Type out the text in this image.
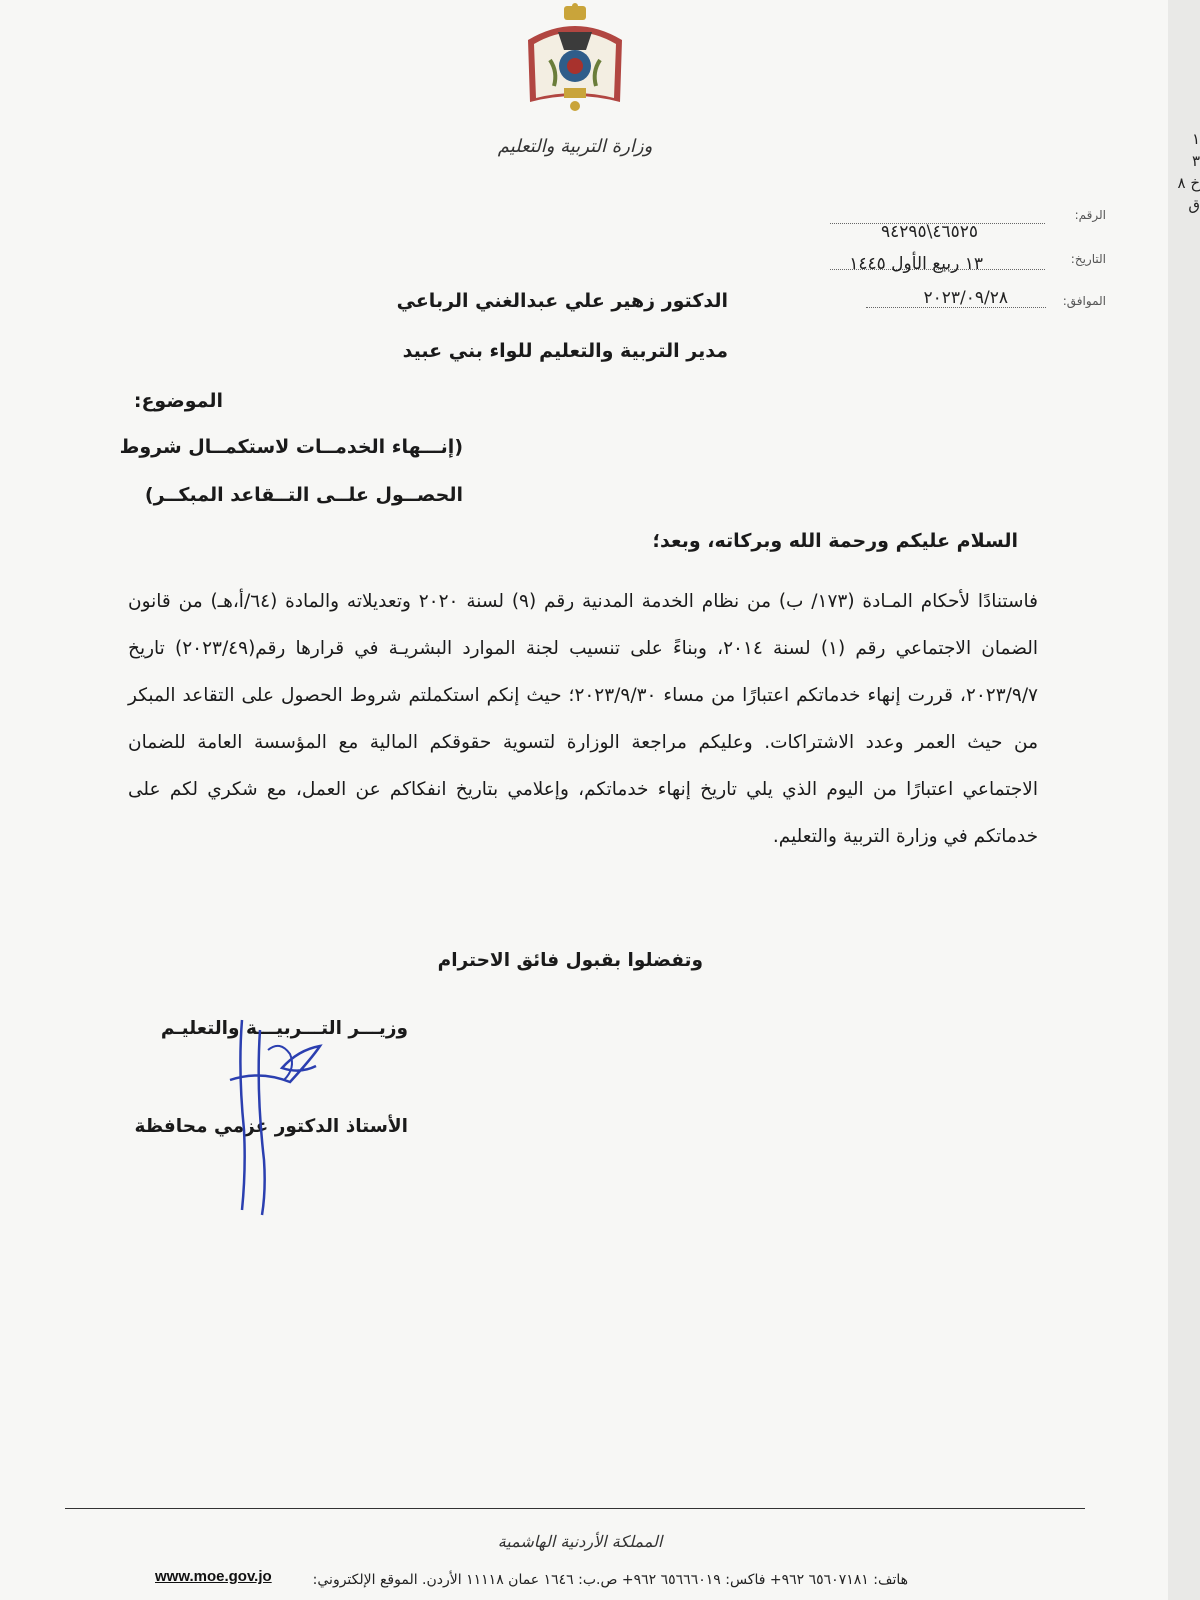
وزارة التربية والتعليم
الرقم:
٤٦٥٢٥\٩٤٢٩٥
التاريخ:
١٣ ربيع الأول ١٤٤٥
الموافق:
٢٠٢٣/٠٩/٢٨
الدكتور زهير علي عبدالغني الرباعي
مدير التربية والتعليم للواء بني عبيد
الموضوع:
(إنـــهاء الخدمــات لاستكمــال شروط
الحصــول علــى التــقاعد المبكــر)
السلام عليكم ورحمة الله وبركاته، وبعد؛
فاستنادًا لأحكام المـادة (١٧٣/ ب) من نظام الخدمة المدنية رقم (٩) لسنة ٢٠٢٠ وتعديلاته والمادة (٦٤/أ،هـ) من قانون الضمان الاجتماعي رقم (١) لسنة ٢٠١٤، وبناءً على تنسيب لجنة الموارد البشريـة في قرارها رقم(٢٠٢٣/٤٩) تاريخ ٢٠٢٣/٩/٧، قررت إنهاء خدماتكم اعتبارًا من مساء ٢٠٢٣/٩/٣٠؛ حيث إنكم استكملتم شروط الحصول على التقاعد المبكر من حيث العمر وعدد الاشتراكات. وعليكم مراجعة الوزارة لتسوية حقوقكم المالية مع المؤسسة العامة للضمان الاجتماعي اعتبارًا من اليوم الذي يلي تاريخ إنهاء خدماتكم، وإعلامي بتاريخ انفكاكم عن العمل، مع شكري لكم على خدماتكم في وزارة التربية والتعليم.
وتفضلوا بقبول فائق الاحترام
وزيـــر التـــربيـــة والتعليـم
الأستاذ الدكتور عزمي محافظة
المملكة الأردنية الهاشمية
هاتف: ٦٥٦٠٧١٨١ ٩٦٢+ فاكس: ٦٥٦٦٦٠١٩ ٩٦٢+ ص.ب: ١٦٤٦ عمان ١١١١٨ الأردن. الموقع الإلكتروني:
www.moe.gov.jo
١
٣
خ ٨
ق
